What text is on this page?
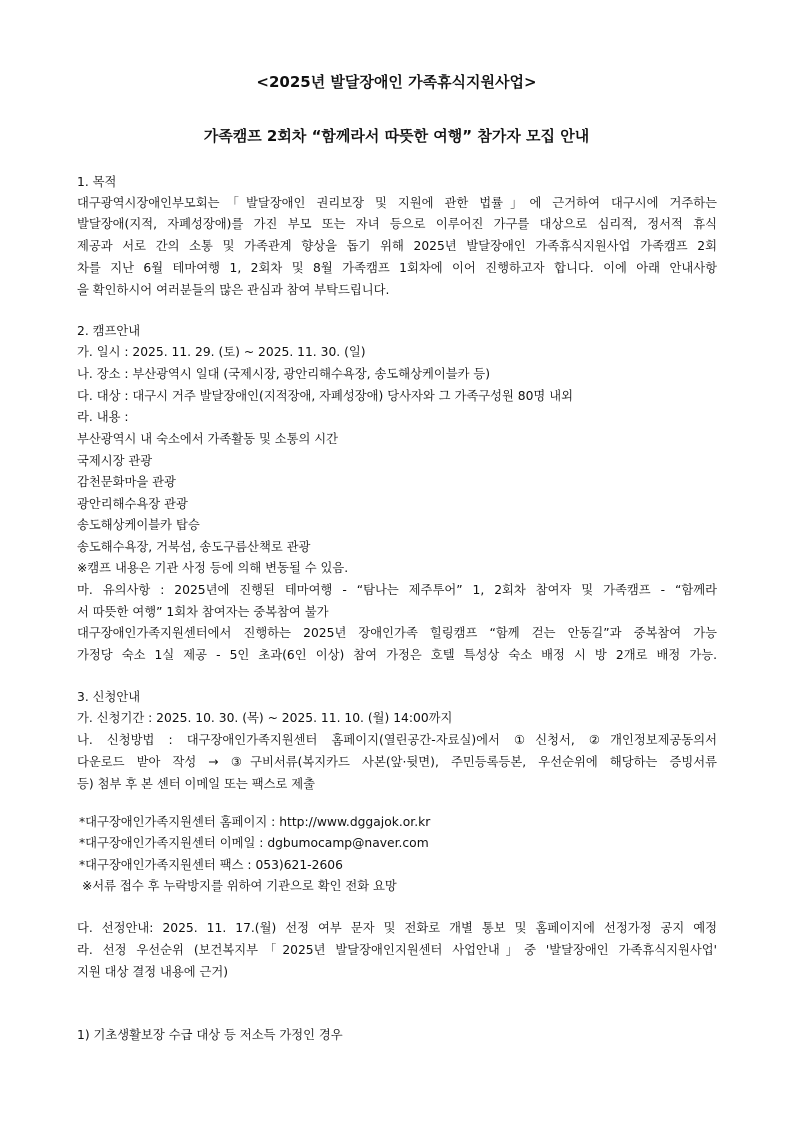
<2025년 발달장애인 가족휴식지원사업>
가족캠프 2회차 “함께라서 따뜻한 여행” 참가자 모집 안내
1. 목적
대구광역시장애인부모회는「발달장애인 권리보장 및 지원에 관한 법률」에 근거하여 대구시에 거주하는
발달장애(지적, 자폐성장애)를 가진 부모 또는 자녀 등으로 이루어진 가구를 대상으로 심리적, 정서적 휴식
제공과 서로 간의 소통 및 가족관계 향상을 돕기 위해 2025년 발달장애인 가족휴식지원사업 가족캠프 2회
차를 지난 6월 테마여행 1, 2회차 및 8월 가족캠프 1회차에 이어 진행하고자 합니다. 이에 아래 안내사항
을 확인하시어 여러분들의 많은 관심과 참여 부탁드립니다.
2. 캠프안내
가. 일시 : 2025. 11. 29. (토) ~ 2025. 11. 30. (일)
나. 장소 : 부산광역시 일대 (국제시장, 광안리해수욕장, 송도해상케이블카 등)
다. 대상 : 대구시 거주 발달장애인(지적장애, 자폐성장애) 당사자와 그 가족구성원 80명 내외
라. 내용 :
부산광역시 내 숙소에서 가족활동 및 소통의 시간
국제시장 관광
감천문화마을 관광
광안리해수욕장 관광
송도해상케이블카 탑승
송도해수욕장, 거북섬, 송도구름산책로 관광
※캠프 내용은 기관 사정 등에 의해 변동될 수 있음.
마. 유의사항 : 2025년에 진행된 테마여행 - “탐나는 제주투어” 1, 2회차 참여자 및 가족캠프 - “함께라
서 따뜻한 여행” 1회차 참여자는 중복참여 불가
대구장애인가족지원센터에서 진행하는 2025년 장애인가족 힐링캠프 “함께 걷는 안동길”과 중복참여 가능
가정당 숙소 1실 제공 - 5인 초과(6인 이상) 참여 가정은 호텔 특성상 숙소 배정 시 방 2개로 배정 가능.
3. 신청안내
가. 신청기간 : 2025. 10. 30. (목) ~ 2025. 11. 10. (월) 14:00까지
나. 신청방법 : 대구장애인가족지원센터 홈페이지(열린공간-자료실)에서 ①신청서, ②개인정보제공동의서
다운로드 받아 작성 → ③구비서류(복지카드 사본(앞·뒷면), 주민등록등본, 우선순위에 해당하는 증빙서류
등) 첨부 후 본 센터 이메일 또는 팩스로 제출
*대구장애인가족지원센터 홈페이지 : http://www.dggajok.or.kr
*대구장애인가족지원센터 이메일 : dgbumocamp@naver.com
*대구장애인가족지원센터 팩스 : 053)621-2606
※서류 접수 후 누락방지를 위하여 기관으로 확인 전화 요망
다. 선정안내: 2025. 11. 17.(월) 선정 여부 문자 및 전화로 개별 통보 및 홈페이지에 선정가정 공지 예정
라. 선정 우선순위 (보건복지부「2025년 발달장애인지원센터 사업안내」중 '발달장애인 가족휴식지원사업'
지원 대상 결정 내용에 근거)
1) 기초생활보장 수급 대상 등 저소득 가정인 경우
